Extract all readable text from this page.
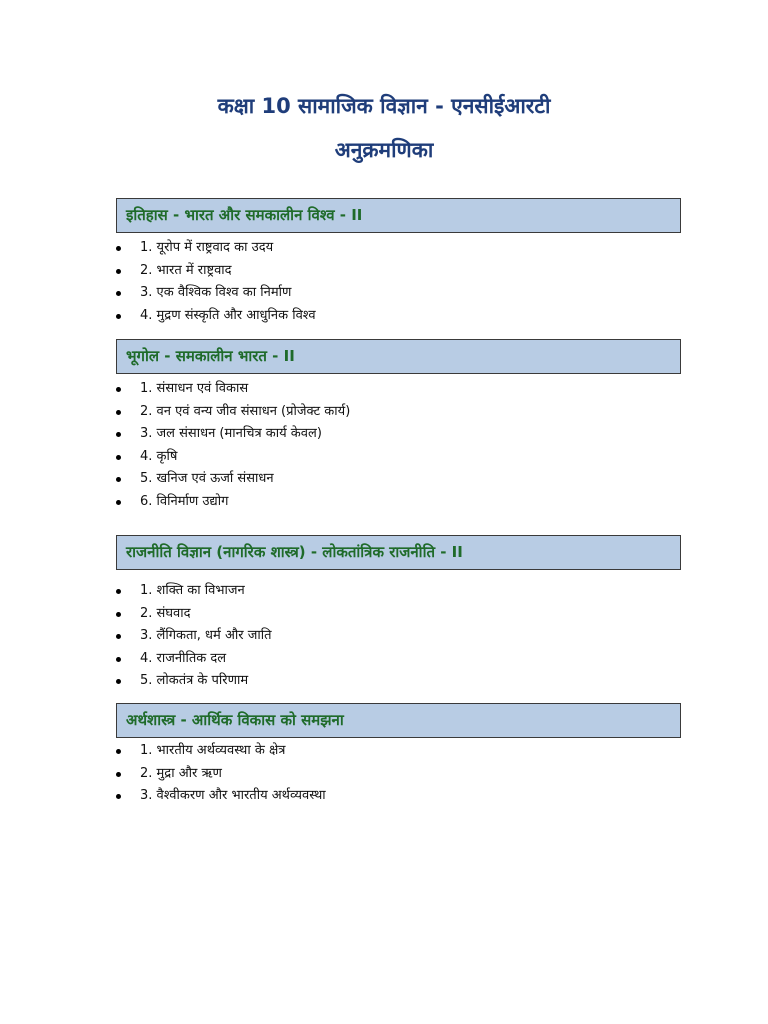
कक्षा 10 सामाजिक विज्ञान - एनसीईआरटी
अनुक्रमणिका
इतिहास - भारत और समकालीन विश्व - II
1. यूरोप में राष्ट्रवाद का उदय
2. भारत में राष्ट्रवाद
3. एक वैश्विक विश्व का निर्माण
4. मुद्रण संस्कृति और आधुनिक विश्व
भूगोल - समकालीन भारत - II
1. संसाधन एवं विकास
2. वन एवं वन्य जीव संसाधन (प्रोजेक्ट कार्य)
3. जल संसाधन (मानचित्र कार्य केवल)
4. कृषि
5. खनिज एवं ऊर्जा संसाधन
6. विनिर्माण उद्योग
राजनीति विज्ञान (नागरिक शास्त्र) - लोकतांत्रिक राजनीति - II
1. शक्ति का विभाजन
2. संघवाद
3. लैंगिकता, धर्म और जाति
4. राजनीतिक दल
5. लोकतंत्र के परिणाम
अर्थशास्त्र - आर्थिक विकास को समझना
1. भारतीय अर्थव्यवस्था के क्षेत्र
2. मुद्रा और ऋण
3. वैश्वीकरण और भारतीय अर्थव्यवस्था
